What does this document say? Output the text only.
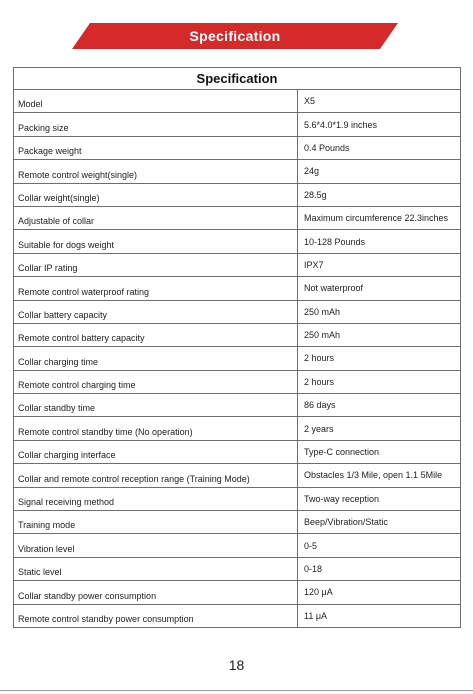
Specification
Specification	
Model	X5
Packing size	5.6*4.0*1.9 inches
Package weight	0.4 Pounds
Remote control weight(single)	24g
Collar weight(single)	28.5g
Adjustable of collar	Maximum circumference 22.3inches
Suitable for dogs weight	10-128 Pounds
Collar IP rating	IPX7
Remote control waterproof rating	Not waterproof
Collar battery capacity	250 mAh
Remote control battery capacity	250 mAh
Collar charging time	2 hours
Remote control charging time	2 hours
Collar standby time	86 days
Remote control standby time (No operation)	2 years
Collar charging interface	Type-C connection
Collar and remote control reception range (Training Mode)	Obstacles 1/3 Mile, open 1.1 5Mile
Signal receiving method	Two-way reception
Training mode	Beep/Vibration/Static
Vibration level	0-5
Static level	0-18
Collar standby power consumption	120 μA
Remote control standby power consumption	11 μA
18
